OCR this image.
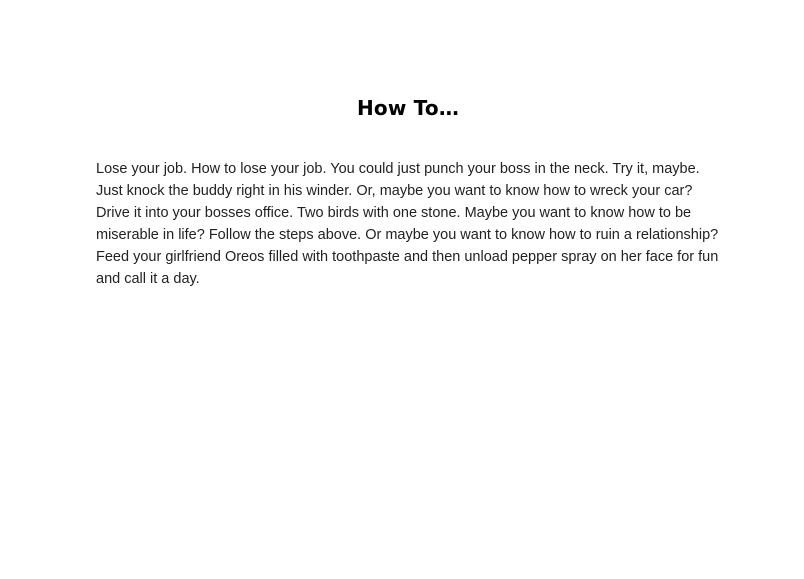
How To…

Lose your job. How to lose your job. You could just punch your boss in the neck. Try it, maybe. Just knock the buddy right in his winder. Or, maybe you want to know how to wreck your car? Drive it into your bosses office. Two birds with one stone. Maybe you want to know how to be miserable in life? Follow the steps above. Or maybe you want to know how to ruin a relationship? Feed your girlfriend Oreos filled with toothpaste and then unload pepper spray on her face for fun and call it a day.
